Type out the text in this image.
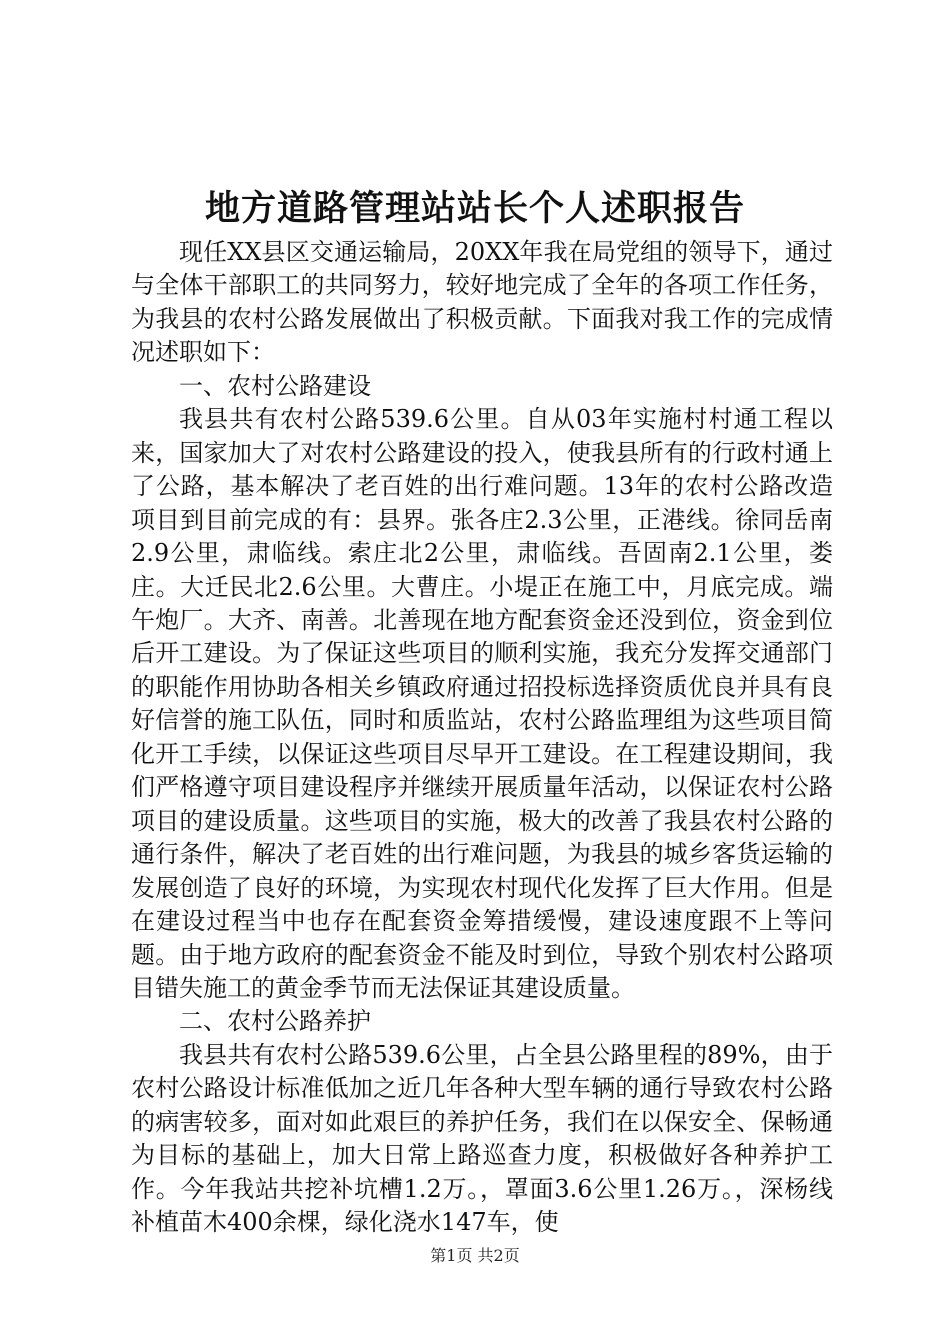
地方道路管理站站长个人述职报告

现任XX县区交通运输局，20XX年我在局党组的领导下，通过与全体干部职工的共同努力，较好地完成了全年的各项工作任务，为我县的农村公路发展做出了积极贡献。下面我对我工作的完成情况述职如下：

一、农村公路建设

我县共有农村公路539.6公里。自从03年实施村村通工程以来，国家加大了对农村公路建设的投入，使我县所有的行政村通上了公路，基本解决了老百姓的出行难问题。13年的农村公路改造项目到目前完成的有：县界。张各庄2.3公里，正港线。徐同岳南2.9公里，肃临线。索庄北2公里，肃临线。吾固南2.1公里，娄庄。大迁民北2.6公里。大曹庄。小堤正在施工中，月底完成。端午炮厂。大齐、南善。北善现在地方配套资金还没到位，资金到位后开工建设。为了保证这些项目的顺利实施，我充分发挥交通部门的职能作用协助各相关乡镇政府通过招投标选择资质优良并具有良好信誉的施工队伍，同时和质监站，农村公路监理组为这些项目简化开工手续，以保证这些项目尽早开工建设。在工程建设期间，我们严格遵守项目建设程序并继续开展质量年活动，以保证农村公路项目的建设质量。这些项目的实施，极大的改善了我县农村公路的通行条件，解决了老百姓的出行难问题，为我县的城乡客货运输的发展创造了良好的环境，为实现农村现代化发挥了巨大作用。但是在建设过程当中也存在配套资金筹措缓慢，建设速度跟不上等问题。由于地方政府的配套资金不能及时到位，导致个别农村公路项目错失施工的黄金季节而无法保证其建设质量。

二、农村公路养护

我县共有农村公路539.6公里，占全县公路里程的89%，由于农村公路设计标准低加之近几年各种大型车辆的通行导致农村公路的病害较多，面对如此艰巨的养护任务，我们在以保安全、保畅通为目标的基础上，加大日常上路巡查力度，积极做好各种养护工作。今年我站共挖补坑槽1.2万。，罩面3.6公里1.26万。，深杨线补植苗木400余棵，绿化浇水147车，使

第1页 共2页
